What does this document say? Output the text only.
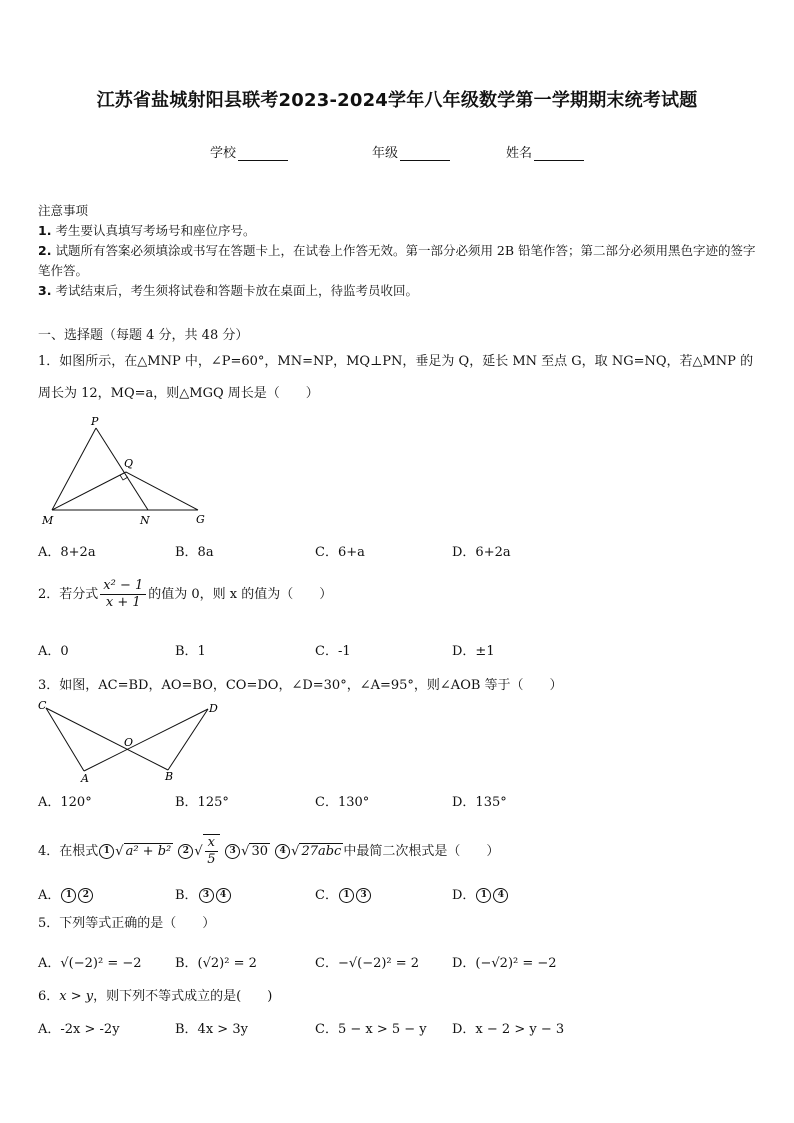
江苏省盐城射阳县联考2023-2024学年八年级数学第一学期期末统考试题
学校	年级	姓名
注意事项
1. 考生要认真填写考场号和座位序号。
2. 试题所有答案必须填涂或书写在答题卡上，在试卷上作答无效。第一部分必须用 2B 铅笔作答；第二部分必须用黑色字迹的签字笔作答。
3. 考试结束后，考生须将试卷和答题卡放在桌面上，待监考员收回。
一、选择题（每题 4 分，共 48 分）
1．如图所示，在△MNP 中，∠P=60°，MN=NP，MQ⊥PN，垂足为 Q，延长 MN 至点 G，取 NG=NQ，若△MNP 的
周长为 12，MQ=a，则△MGQ 周长是（　　）
P
Q
M	N	G
A．8+2a	B．8a	C．6+a	D．6+2a
2．若分式 $\frac{\text{x² − 1}}{x + 1}$ 的值为 0，则 x 的值为（　　）
A．0	B．1	C．-1	D．±1
3．如图，AC=BD，AO=BO，CO=DO，∠D=30°，∠A=95°，则∠AOB 等于（　　）
C	D
O
A	B
A．120°	B．125°	C．130°	D．135°
4．在根式 1 √ a² + b² 2 √ $\frac{x}{5} 3$ √ 30 4 √ 27abc 中最简二次根式是（　　）
A． 1 2	B． 3 4	C． 1 3	D． 1 4
5．下列等式正确的是（　　）
A．√(−2)² = −2	B．(√2)² = 2	C．−√(−2)² = 2	D．(−√2)² = −2
6．x > y，则下列不等式成立的是(　　)
A．-2x > -2y	B．4x > 3y	C．5 − x > 5 − y D．x − 2 > y − 3
